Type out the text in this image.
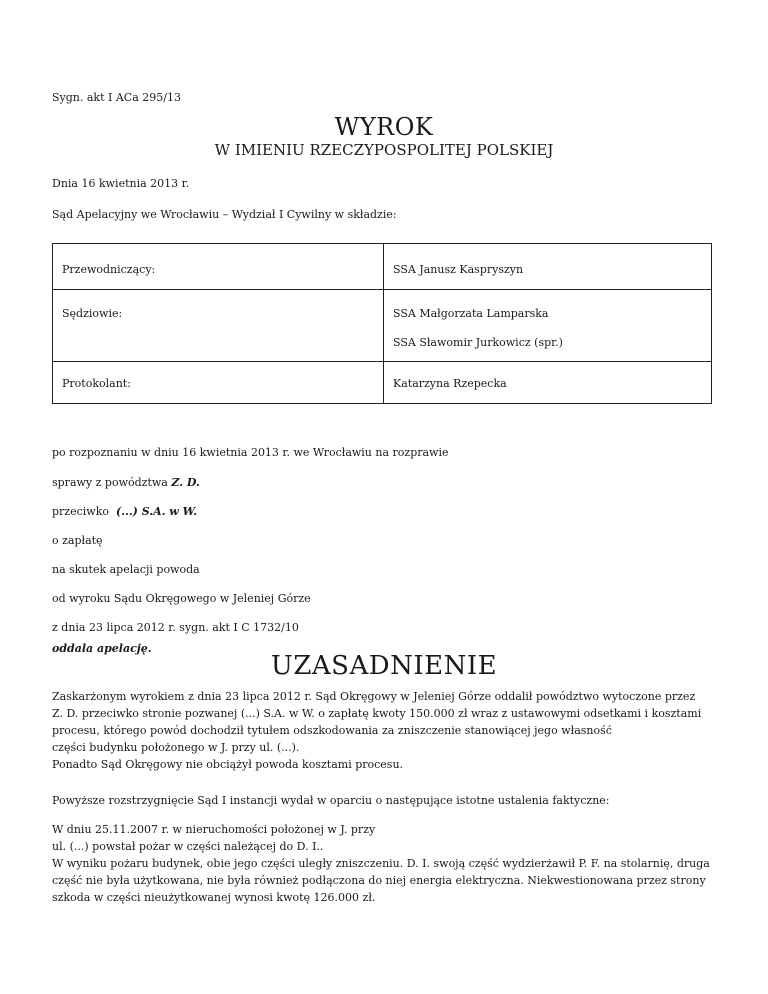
Sygn. akt I ACa 295/13
WYROK
W IMIENIU RZECZYPOSPOLITEJ POLSKIEJ
Dnia 16 kwietnia 2013 r.
Sąd Apelacyjny we Wrocławiu – Wydział I Cywilny w składzie:
Przewodniczący:	SSA Janusz Kaspryszyn

Sędziowie:	SSA Małgorzata Lamparska
SSA Sławomir Jurkowicz (spr.)

Protokolant:	Katarzyna Rzepecka
po rozpoznaniu w dniu 16 kwietnia 2013 r. we Wrocławiu na rozprawie
sprawy z powództwa Z. D.
przeciwko  (...) S.A. w W.
o zapłatę
na skutek apelacji powoda
od wyroku Sądu Okręgowego w Jeleniej Górze
z dnia 23 lipca 2012 r. sygn. akt I C 1732/10
oddala apelację.
UZASADNIENIE
Zaskarżonym wyrokiem z dnia 23 lipca 2012 r. Sąd Okręgowy w Jeleniej Górze oddalił powództwo wytoczone przez
Z. D. przeciwko stronie pozwanej (...) S.A. w W. o zapłatę kwoty 150.000 zł wraz z ustawowymi odsetkami i kosztami
procesu, którego powód dochodził tytułem odszkodowania za zniszczenie stanowiącej jego własność
części budynku położonego w J. przy ul. (...).
Ponadto Sąd Okręgowy nie obciążył powoda kosztami procesu.
Powyższe rozstrzygnięcie Sąd I instancji wydał w oparciu o następujące istotne ustalenia faktyczne:
W dniu 25.11.2007 r. w nieruchomości położonej w J. przy
ul. (...) powstał pożar w części należącej do D. I..
W wyniku pożaru budynek, obie jego części uległy zniszczeniu. D. I. swoją część wydzierżawił P. F. na stolarnię, druga
część nie była użytkowana, nie była również podłączona do niej energia elektryczna. Niekwestionowana przez strony
szkoda w części nieużytkowanej wynosi kwotę 126.000 zł.
